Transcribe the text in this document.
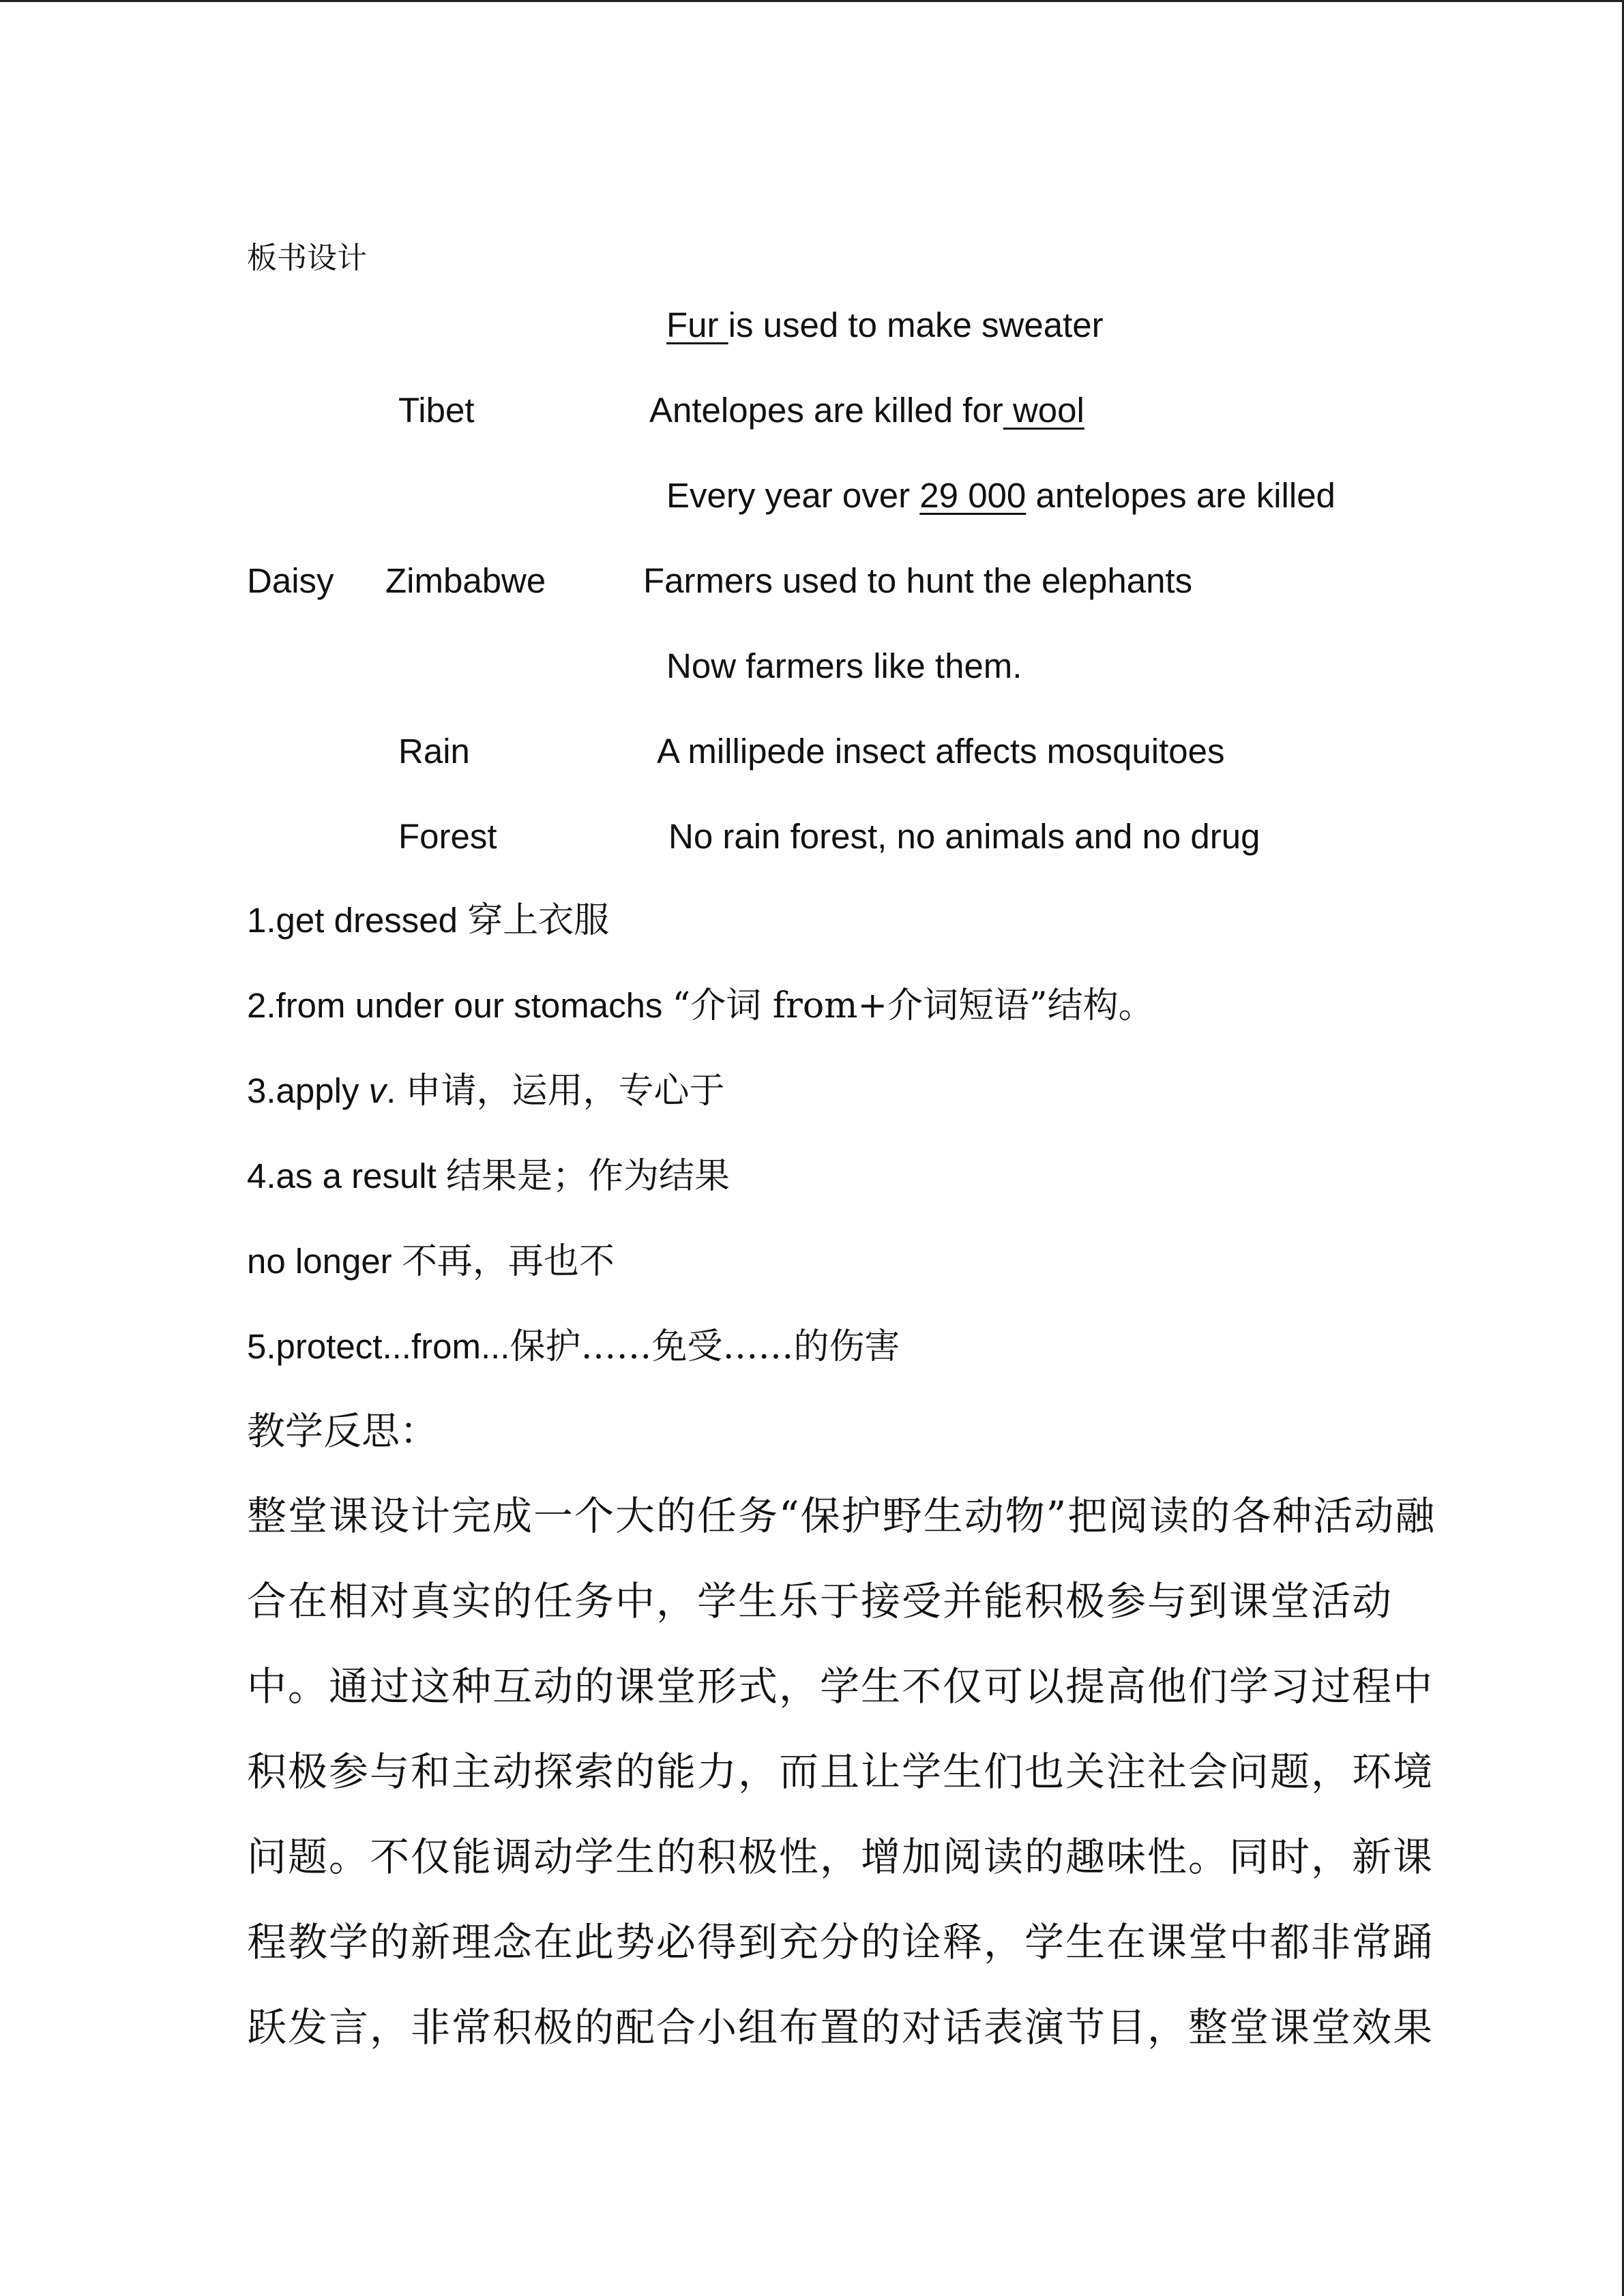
板书设计
Fur is used to make sweater
Tibet	Antelopes are killed for wool
Every year over 29 000 antelopes are killed
Daisy Zimbabwe	Farmers used to hunt the elephants
Now farmers like them.
Rain	A millipede insect affects mosquitoes
Forest	No rain forest, no animals and no drug
1.get dressed 穿上衣服
2.from under our stomachs “介词 from+介词短语”结构。
3.apply v. 申请，运用，专心于
4.as a result 结果是；作为结果
no longer 不再，再也不
5.protect...from...保护……免受……的伤害
教学反思：
整堂课设计完成一个大的任务“保护野生动物”把阅读的各种活动融
合在相对真实的任务中，学生乐于接受并能积极参与到课堂活动
中。通过这种互动的课堂形式，学生不仅可以提高他们学习过程中
积极参与和主动探索的能力，而且让学生们也关注社会问题，环境
问题。不仅能调动学生的积极性，增加阅读的趣味性。同时，新课
程教学的新理念在此势必得到充分的诠释，学生在课堂中都非常踊
跃发言，非常积极的配合小组布置的对话表演节目，整堂课堂效果
